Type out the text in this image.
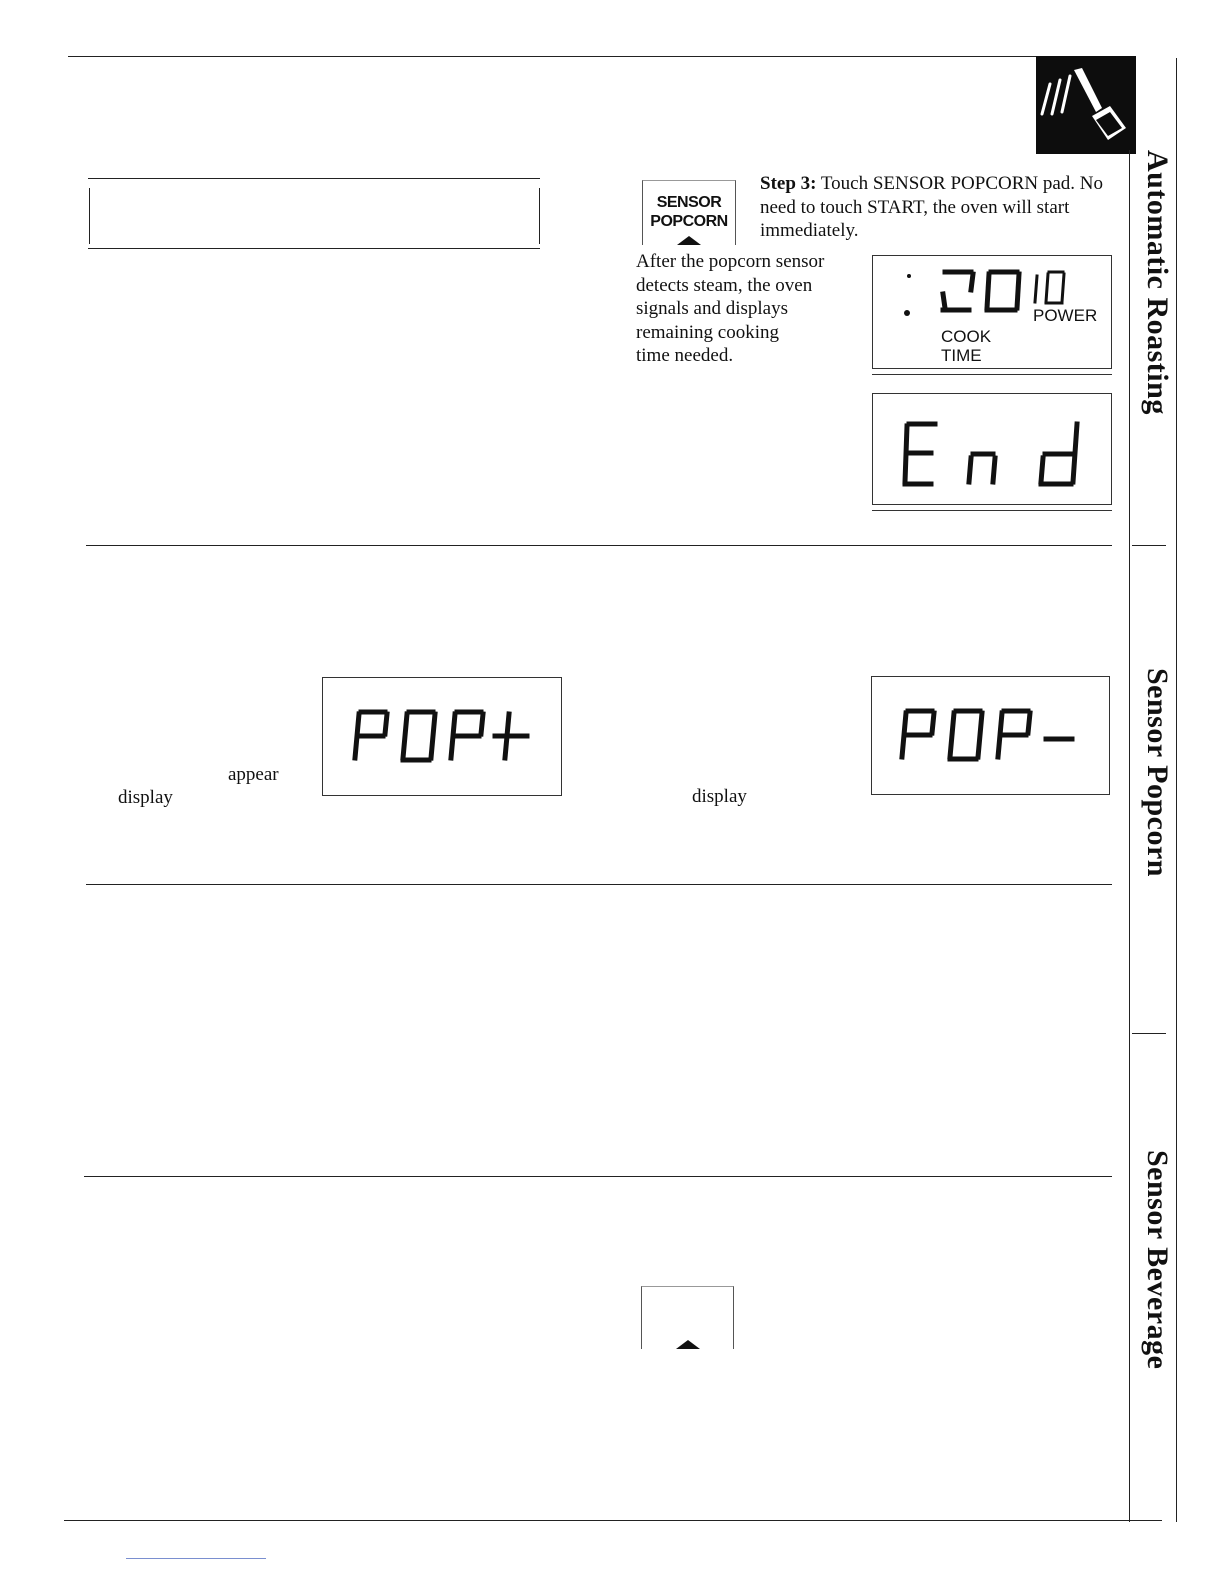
Automatic Roasting
Sensor Popcorn
Sensor Beverage
SENSOR
POPCORN
Step 3: Touch SENSOR POPCORN pad. No need to touch START, the oven will start immediately.
After the popcorn sensor
detects steam, the oven
signals and displays
remaining cooking
time needed.
POWER
COOK
TIME
appear
display	display
